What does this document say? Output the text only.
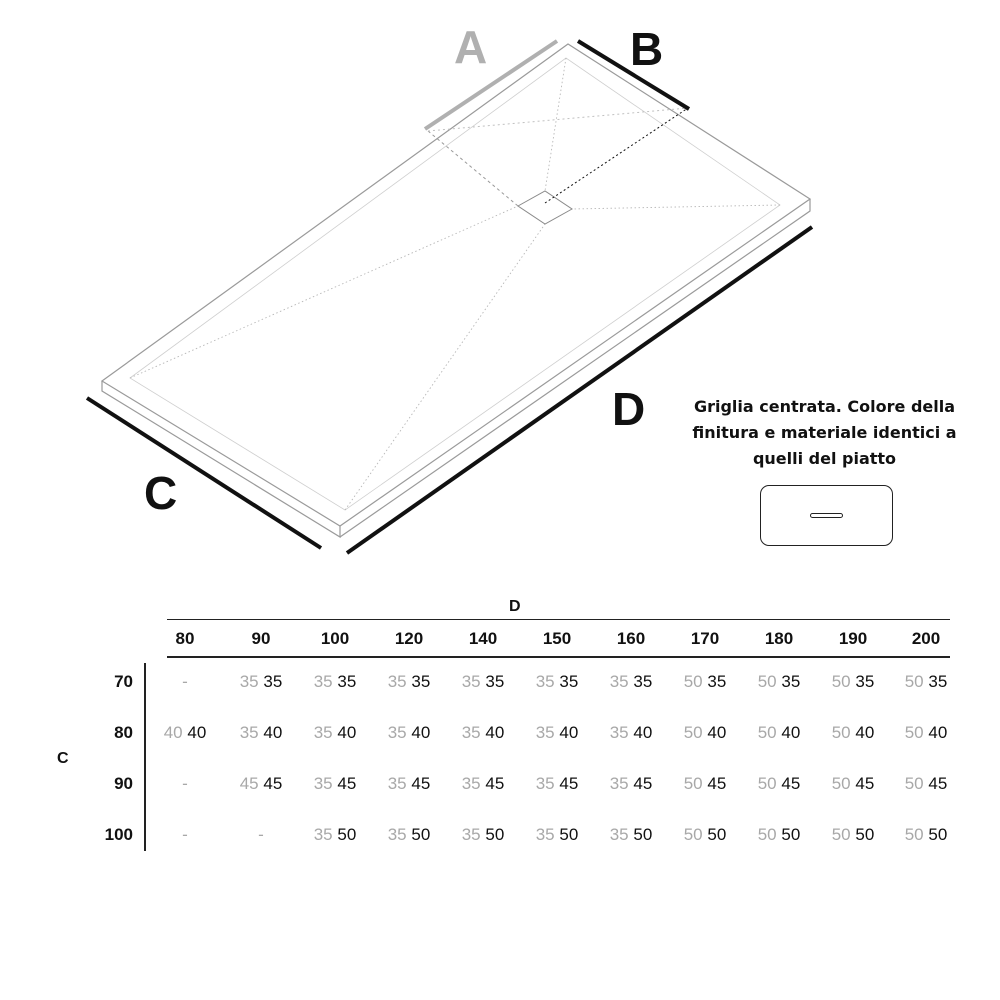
A	B
C
D	Griglia centrata. Colore della
finitura e materiale identici a
quelli del piatto
D
C
80	90	100	120	140	150	160	170	180	190	200
70	-	35 35	35 35	35 35	35 35	35 35	35 35	50 35	50 35	50 35	50 35
80	40 40	35 40	35 40	35 40	35 40	35 40	35 40	50 40	50 40	50 40	50 40
90	-	45 45	35 45	35 45	35 45	35 45	35 45	50 45	50 45	50 45	50 45
100	-	-	35 50	35 50	35 50	35 50	35 50	50 50	50 50	50 50	50 50
